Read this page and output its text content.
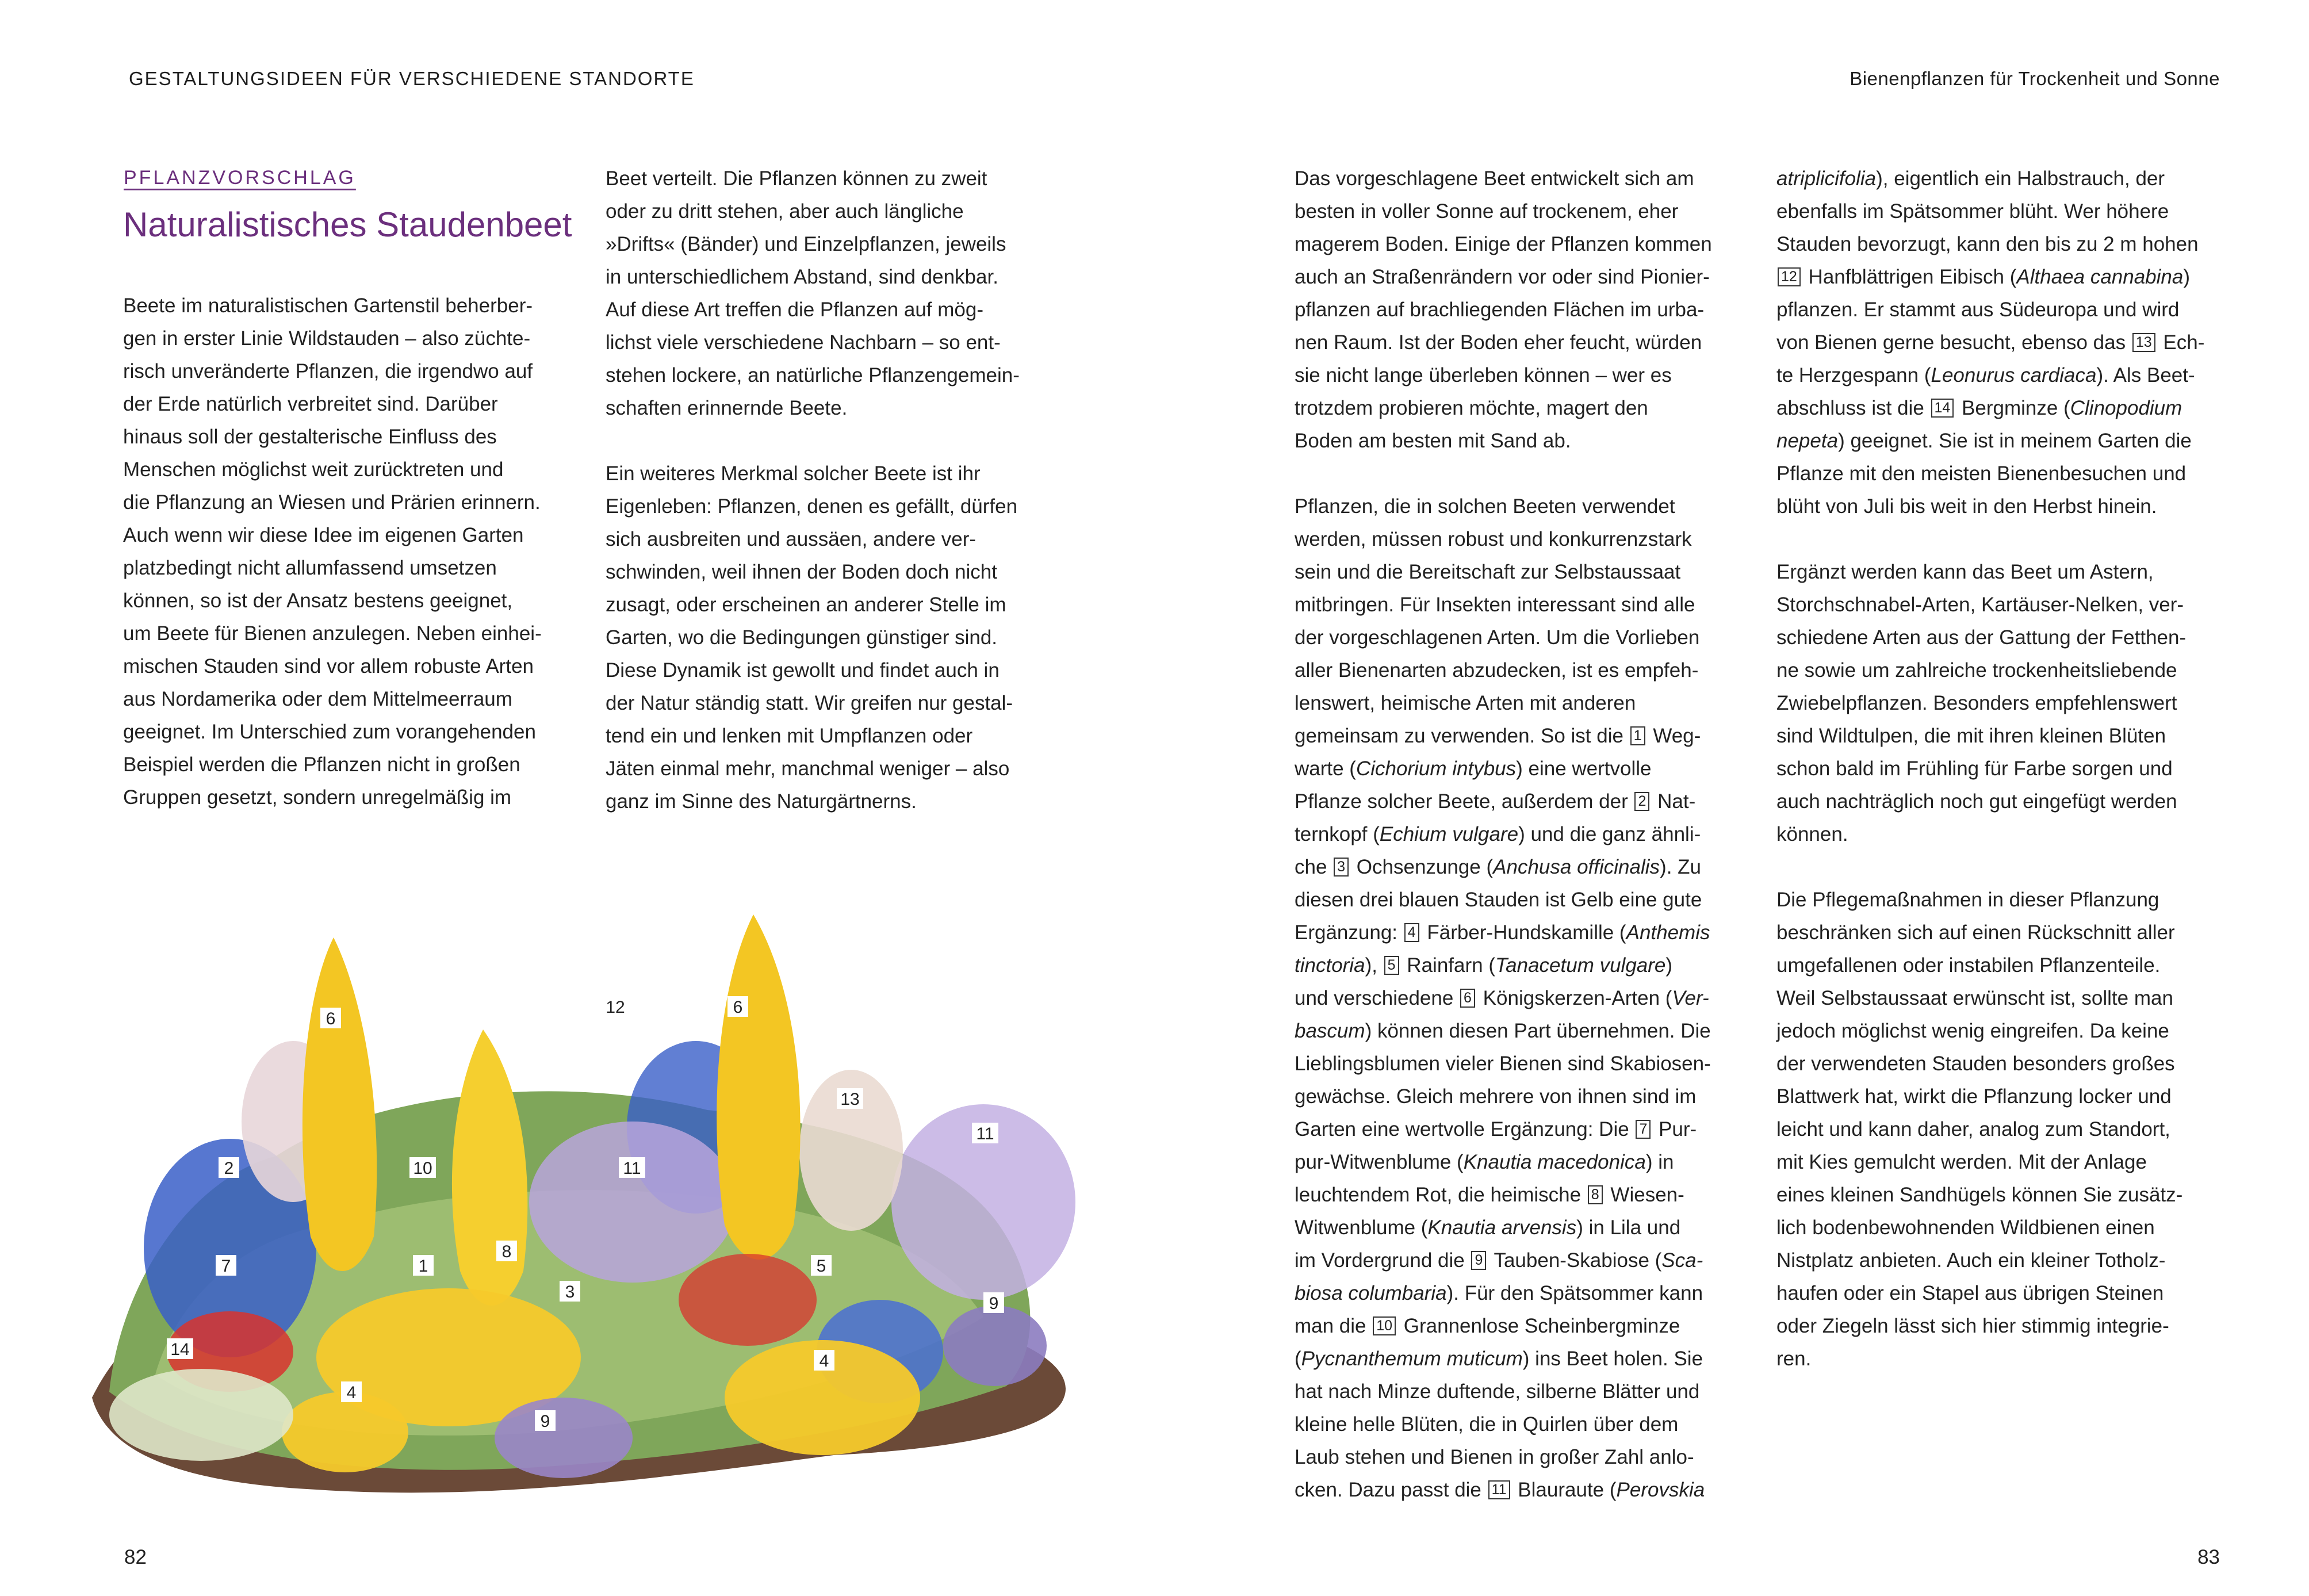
GESTALTUNGSIDEEN FÜR VERSCHIEDENE STANDORTE	Bienenpflanzen für Trockenheit und Sonne
PFLANZVORSCHLAG
Naturalistisches Staudenbeet

Beete im naturalistischen Gartenstil beherber-
gen in erster Linie Wildstauden – also züchte-
risch unveränderte Pflanzen, die irgendwo auf
der Erde natürlich verbreitet sind. Darüber
hinaus soll der gestalterische Einfluss des
Menschen möglichst weit zurücktreten und
die Pflanzung an Wiesen und Prärien erinnern.
Auch wenn wir diese Idee im eigenen Garten
platzbedingt nicht allumfassend umsetzen
können, so ist der Ansatz bestens geeignet,
um Beete für Bienen anzulegen. Neben einhei-
mischen Stauden sind vor allem robuste Arten
aus Nordamerika oder dem Mittelmeerraum
geeignet. Im Unterschied zum vorangehenden
Beispiel werden die Pflanzen nicht in großen
Gruppen gesetzt, sondern unregelmäßig im

Beet verteilt. Die Pflanzen können zu zweit
oder zu dritt stehen, aber auch längliche
»Drifts« (Bänder) und Einzelpflanzen, jeweils
in unterschiedlichem Abstand, sind denkbar.
Auf diese Art treffen die Pflanzen auf mög-
lichst viele verschiedene Nachbarn – so ent-
stehen lockere, an natürliche Pflanzengemein-
schaften erinnernde Beete.

Ein weiteres Merkmal solcher Beete ist ihr
Eigenleben: Pflanzen, denen es gefällt, dürfen
sich ausbreiten und aussäen, andere ver-
schwinden, weil ihnen der Boden doch nicht
zusagt, oder erscheinen an anderer Stelle im
Garten, wo die Bedingungen günstiger sind.
Diese Dynamik ist gewollt und findet auch in
der Natur ständig statt. Wir greifen nur gestal-
tend ein und lenken mit Umpflanzen oder
Jäten einmal mehr, manchmal weniger – also
ganz im Sinne des Naturgärtnerns.

Das vorgeschlagene Beet entwickelt sich am
besten in voller Sonne auf trockenem, eher
magerem Boden. Einige der Pflanzen kommen
auch an Straßenrändern vor oder sind Pionier-
pflanzen auf brachliegenden Flächen im urba-
nen Raum. Ist der Boden eher feucht, würden
sie nicht lange überleben können – wer es
trotzdem probieren möchte, magert den
Boden am besten mit Sand ab.

Pflanzen, die in solchen Beeten verwendet
werden, müssen robust und konkurrenzstark
sein und die Bereitschaft zur Selbstaussaat
mitbringen. Für Insekten interessant sind alle
der vorgeschlagenen Arten. Um die Vorlieben
aller Bienenarten abzudecken, ist es empfeh-
lenswert, heimische Arten mit anderen
gemeinsam zu verwenden. So ist die 1 Weg-
warte (Cichorium intybus) eine wertvolle
Pflanze solcher Beete, außerdem der 2 Nat-
ternkopf (Echium vulgare) und die ganz ähnli-
che 3 Ochsenzunge (Anchusa officinalis). Zu
diesen drei blauen Stauden ist Gelb eine gute
Ergänzung: 4 Färber-Hundskamille (Anthemis
tinctoria), 5 Rainfarn (Tanacetum vulgare)
und verschiedene 6 Königskerzen-Arten (Ver-
bascum) können diesen Part übernehmen. Die
Lieblingsblumen vieler Bienen sind Skabiosen-
gewächse. Gleich mehrere von ihnen sind im
Garten eine wertvolle Ergänzung: Die 7 Pur-
pur-Witwenblume (Knautia macedonica) in
leuchtendem Rot, die heimische 8 Wiesen-
Witwenblume (Knautia arvensis) in Lila und
im Vordergrund die 9 Tauben-Skabiose (Sca-
biosa columbaria). Für den Spätsommer kann
man die 10 Grannenlose Scheinbergminze
(Pycnanthemum muticum) ins Beet holen. Sie
hat nach Minze duftende, silberne Blätter und
kleine helle Blüten, die in Quirlen über dem
Laub stehen und Bienen in großer Zahl anlo-
cken. Dazu passt die 11 Blauraute (Perovskia

atriplicifolia), eigentlich ein Halbstrauch, der
ebenfalls im Spätsommer blüht. Wer höhere
Stauden bevorzugt, kann den bis zu 2 m hohen
12 Hanfblättrigen Eibisch (Althaea cannabina)
pflanzen. Er stammt aus Südeuropa und wird
von Bienen gerne besucht, ebenso das 13 Ech-
te Herzgespann (Leonurus cardiaca). Als Beet-
abschluss ist die 14 Bergminze (Clinopodium
nepeta) geeignet. Sie ist in meinem Garten die
Pflanze mit den meisten Bienenbesuchen und
blüht von Juli bis weit in den Herbst hinein.

Ergänzt werden kann das Beet um Astern,
Storchschnabel-Arten, Kartäuser-Nelken, ver-
schiedene Arten aus der Gattung der Fetthen-
ne sowie um zahlreiche trockenheitsliebende
Zwiebelpflanzen. Besonders empfehlenswert
sind Wildtulpen, die mit ihren kleinen Blüten
schon bald im Frühling für Farbe sorgen und
auch nachträglich noch gut eingefügt werden
können.

Die Pflegemaßnahmen in dieser Pflanzung
beschränken sich auf einen Rückschnitt aller
umgefallenen oder instabilen Pflanzenteile.
Weil Selbstaussaat erwünscht ist, sollte man
jedoch möglichst wenig eingreifen. Da keine
der verwendeten Stauden besonders großes
Blattwerk hat, wirkt die Pflanzung locker und
leicht und kann daher, analog zum Standort,
mit Kies gemulcht werden. Mit der Anlage
eines kleinen Sandhügels können Sie zusätz-
lich bodenbewohnenden Wildbienen einen
Nistplatz anbieten. Auch ein kleiner Totholz-
haufen oder ein Stapel aus übrigen Steinen
oder Ziegeln lässt sich hier stimmig integrie-
ren.

6
12	6
13
2	10	11
11
7	1
8
5
3
9
14
4
4
9
82	83
